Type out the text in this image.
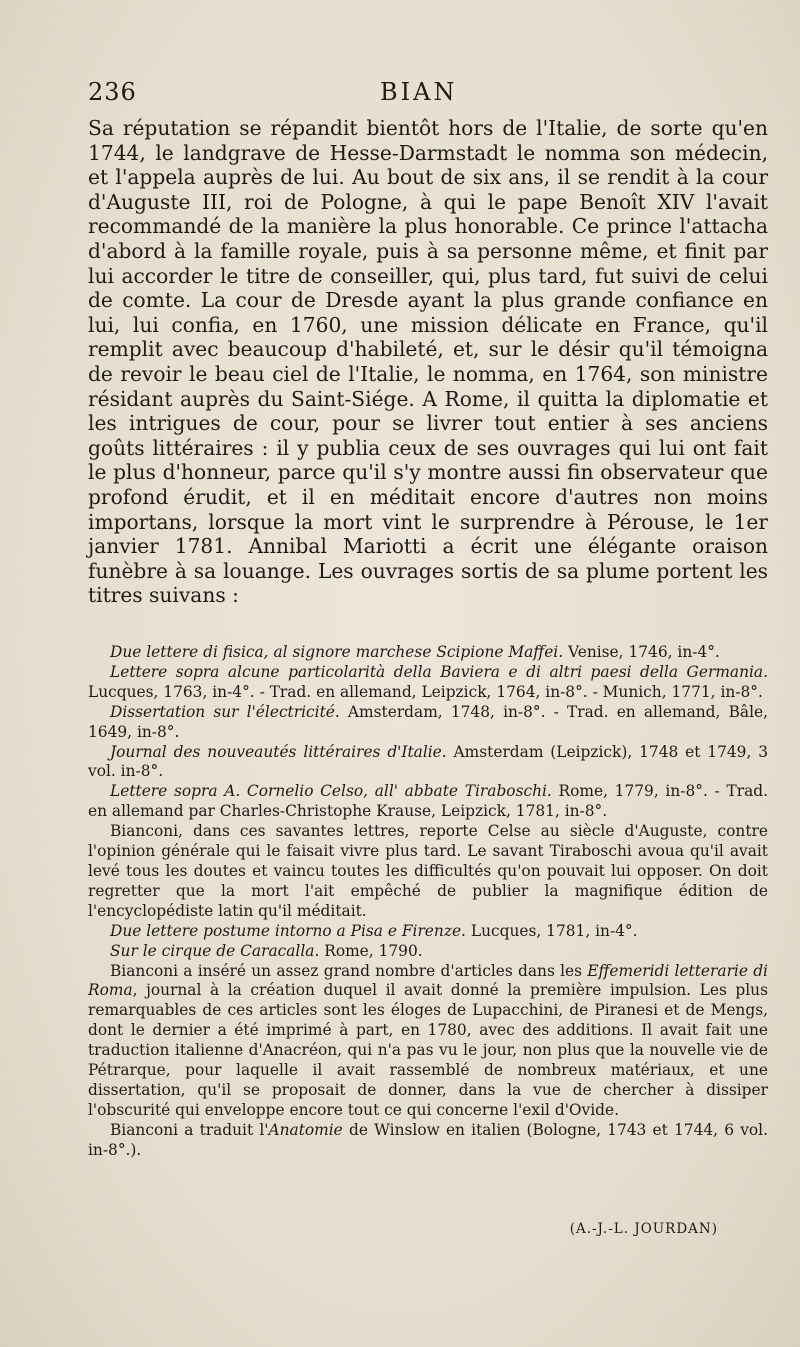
236	BIAN

Sa réputation se répandit bientôt hors de l'Italie, de sorte qu'en 1744, le landgrave de Hesse-Darmstadt le nomma son médecin, et l'appela auprès de lui. Au bout de six ans, il se rendit à la cour d'Auguste III, roi de Pologne, à qui le pape Benoît XIV l'avait recommandé de la manière la plus honorable. Ce prince l'attacha d'abord à la famille royale, puis à sa personne même, et finit par lui accorder le titre de conseiller, qui, plus tard, fut suivi de celui de comte. La cour de Dresde ayant la plus grande confiance en lui, lui confia, en 1760, une mission délicate en France, qu'il remplit avec beaucoup d'habileté, et, sur le désir qu'il témoigna de revoir le beau ciel de l'Italie, le nomma, en 1764, son ministre résidant auprès du Saint-Siége. A Rome, il quitta la diplomatie et les intrigues de cour, pour se livrer tout entier à ses anciens goûts littéraires : il y publia ceux de ses ouvrages qui lui ont fait le plus d'honneur, parce qu'il s'y montre aussi fin observateur que profond érudit, et il en méditait encore d'autres non moins importans, lorsque la mort vint le surprendre à Pérouse, le 1er janvier 1781. Annibal Mariotti a écrit une élégante oraison funèbre à sa louange. Les ouvrages sortis de sa plume portent les titres suivans :

Due lettere di fisica, al signore marchese Scipione Maffei. Venise, 1746, in-4°.

Lettere sopra alcune particolarità della Baviera e di altri paesi della Germania. Lucques, 1763, in-4°. - Trad. en allemand, Leipzick, 1764, in-8°. - Munich, 1771, in-8°.

Dissertation sur l'électricité. Amsterdam, 1748, in-8°. - Trad. en allemand, Bâle, 1649, in-8°.

Journal des nouveautés littéraires d'Italie. Amsterdam (Leipzick), 1748 et 1749, 3 vol. in-8°.

Lettere sopra A. Cornelio Celso, all' abbate Tiraboschi. Rome, 1779, in-8°. - Trad. en allemand par Charles-Christophe Krause, Leipzick, 1781, in-8°.

Bianconi, dans ces savantes lettres, reporte Celse au siècle d'Auguste, contre l'opinion générale qui le faisait vivre plus tard. Le savant Tiraboschi avoua qu'il avait levé tous les doutes et vaincu toutes les difficultés qu'on pouvait lui opposer. On doit regretter que la mort l'ait empêché de publier la magnifique édition de l'encyclopédiste latin qu'il méditait.

Due lettere postume intorno a Pisa e Firenze. Lucques, 1781, in-4°.

Sur le cirque de Caracalla. Rome, 1790.

Bianconi a inséré un assez grand nombre d'articles dans les Effemeridi letterarie di Roma, journal à la création duquel il avait donné la première impulsion. Les plus remarquables de ces articles sont les éloges de Lupacchini, de Piranesi et de Mengs, dont le dernier a été imprimé à part, en 1780, avec des additions. Il avait fait une traduction italienne d'Anacréon, qui n'a pas vu le jour, non plus que la nouvelle vie de Pétrarque, pour laquelle il avait rassemblé de nombreux matériaux, et une dissertation, qu'il se proposait de donner, dans la vue de chercher à dissiper l'obscurité qui enveloppe encore tout ce qui concerne l'exil d'Ovide.

Bianconi a traduit l'Anatomie de Winslow en italien (Bologne, 1743 et 1744, 6 vol. in-8°.).

(A.-J.-L. JOURDAN)
